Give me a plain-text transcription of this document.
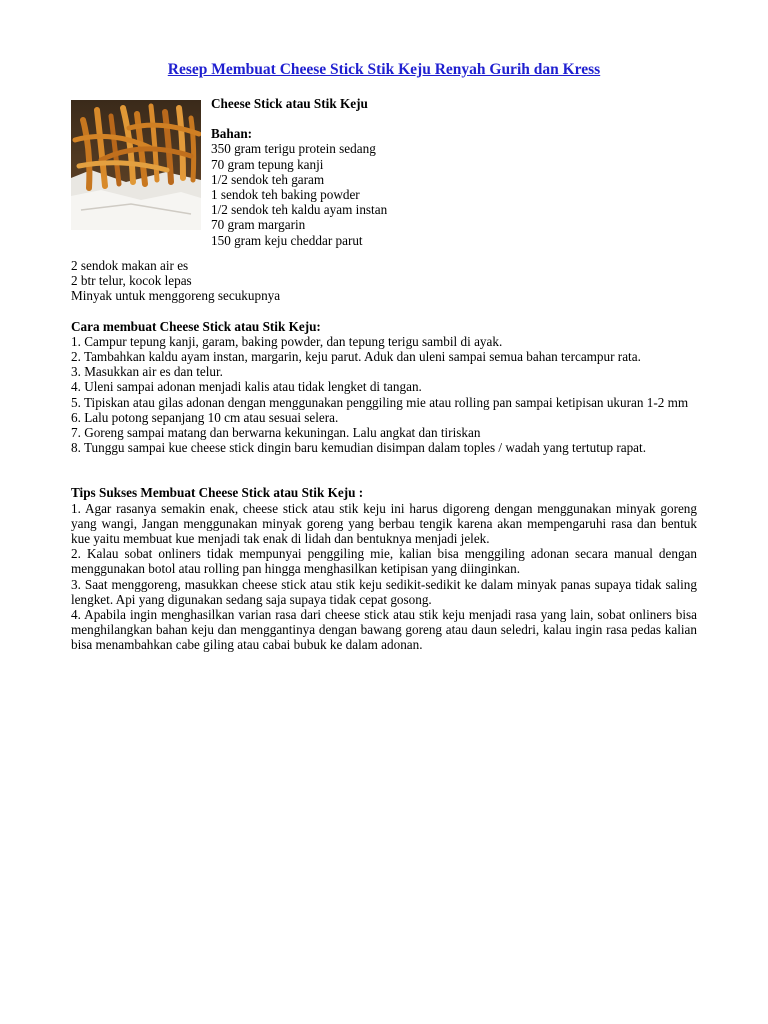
Resep Membuat Cheese Stick Stik Keju Renyah Gurih dan Kress
Cheese Stick atau Stik Keju
Bahan:
350 gram terigu protein sedang
70 gram tepung kanji
1/2 sendok teh garam
1 sendok teh baking powder
1/2 sendok teh kaldu ayam instan
70 gram margarin
150 gram keju cheddar parut
2 sendok makan air es
2 btr telur, kocok lepas
Minyak untuk menggoreng secukupnya
Cara membuat Cheese Stick atau Stik Keju:

1. Campur tepung kanji, garam, baking powder, dan tepung terigu sambil di ayak.

2. Tambahkan kaldu ayam instan, margarin, keju parut. Aduk dan uleni sampai semua bahan tercampur rata.

3. Masukkan air es dan telur.

4. Uleni sampai adonan menjadi kalis atau tidak lengket di tangan.

5. Tipiskan atau gilas adonan dengan menggunakan penggiling mie atau rolling pan sampai ketipisan ukuran 1-2 mm

6. Lalu potong sepanjang 10 cm atau sesuai selera.

7. Goreng sampai matang dan berwarna kekuningan. Lalu angkat dan tiriskan

8. Tunggu sampai kue cheese stick dingin baru kemudian disimpan dalam toples / wadah yang tertutup rapat.

Tips Sukses Membuat Cheese Stick atau Stik Keju :

1. Agar rasanya semakin enak, cheese stick atau stik keju ini harus digoreng dengan menggunakan minyak goreng yang wangi, Jangan menggunakan minyak goreng yang berbau tengik karena akan mempengaruhi rasa dan bentuk kue yaitu membuat kue menjadi tak enak di lidah dan bentuknya menjadi jelek.

2. Kalau sobat onliners tidak mempunyai penggiling mie, kalian bisa menggiling adonan secara manual dengan menggunakan botol atau rolling pan hingga menghasilkan ketipisan yang diinginkan.

3. Saat menggoreng, masukkan cheese stick atau stik keju sedikit-sedikit ke dalam minyak panas supaya tidak saling lengket. Api yang digunakan sedang saja supaya tidak cepat gosong.

4. Apabila ingin menghasilkan varian rasa dari cheese stick atau stik keju menjadi rasa yang lain, sobat onliners bisa menghilangkan bahan keju dan menggantinya dengan bawang goreng atau daun seledri, kalau ingin rasa pedas kalian bisa menambahkan cabe giling atau cabai bubuk ke dalam adonan.
